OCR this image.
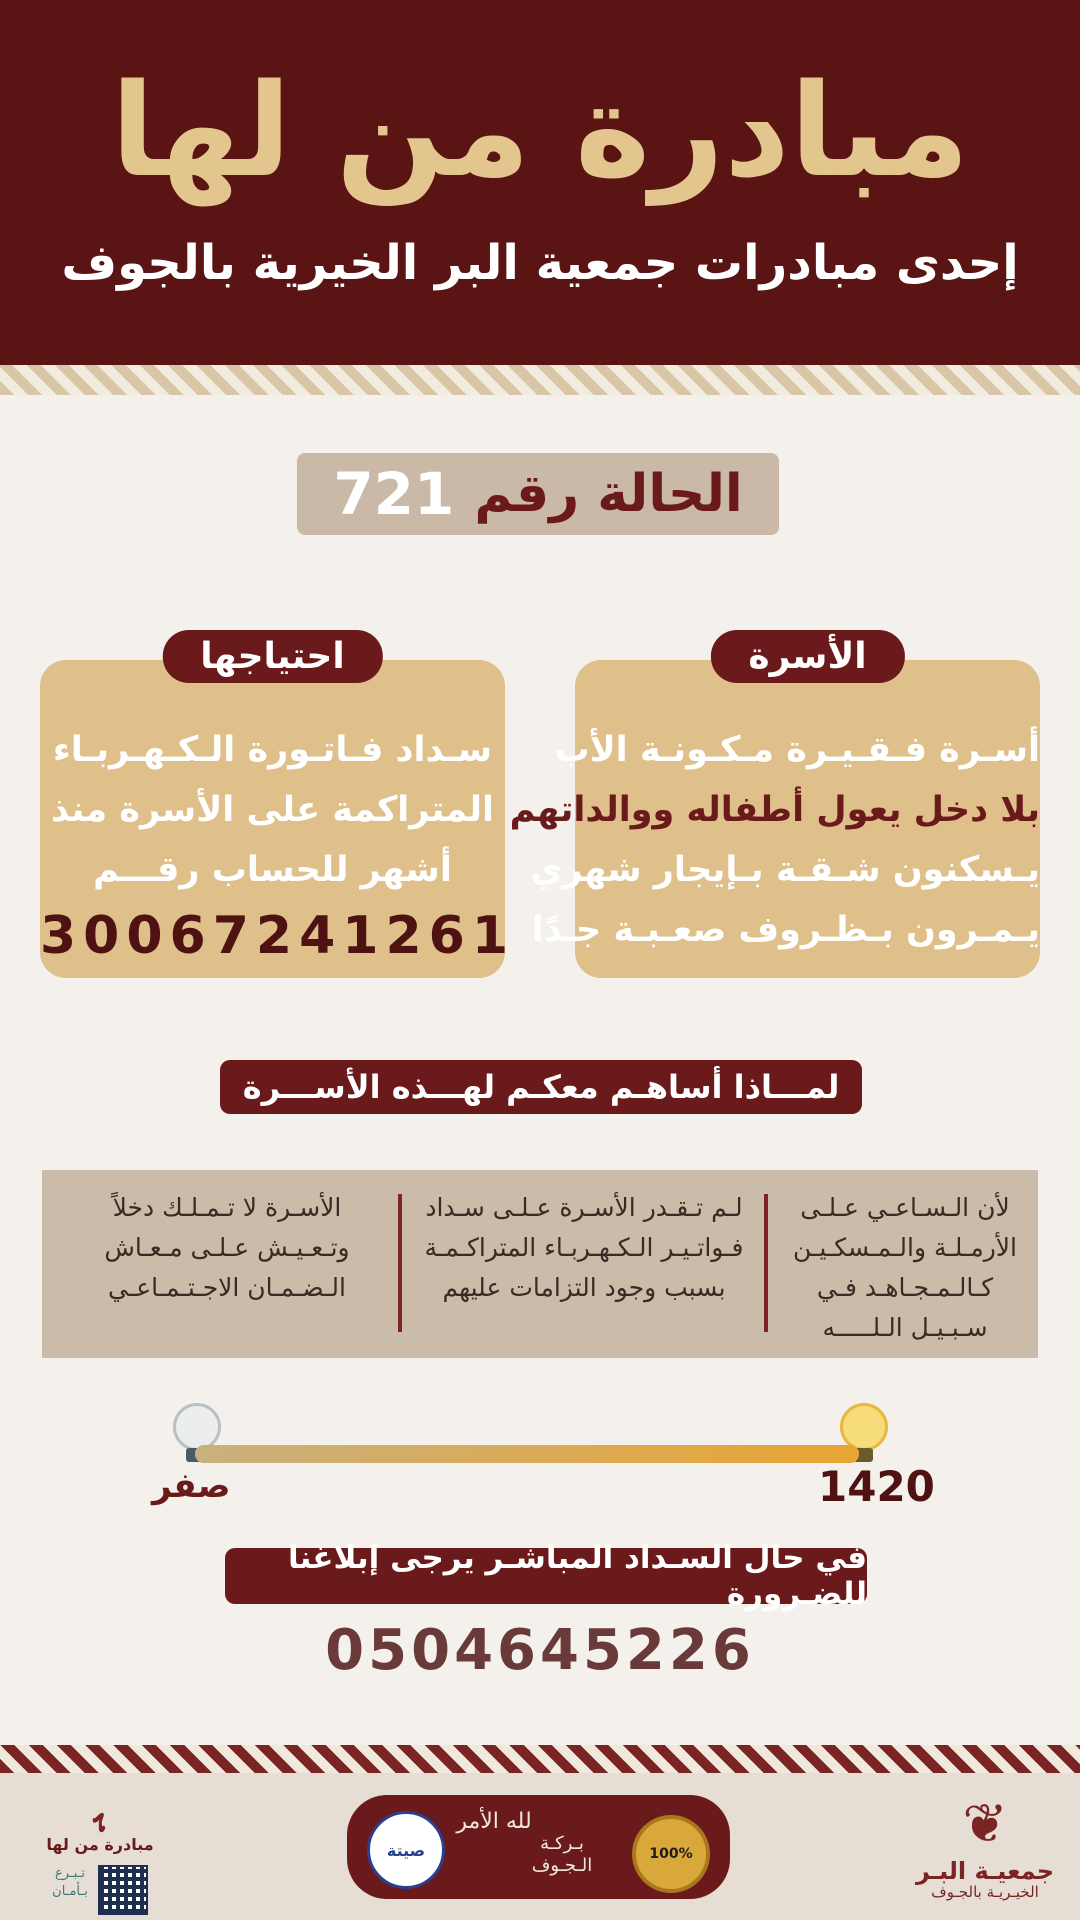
مبادرة من لها
إحدى مبادرات جمعية البر الخيرية بالجوف
الحالة رقم
721
الأسرة
أسـرة فـقـيـرة مـكـونـة الأب
بلا دخل يعول أطفاله ووالداتهم
يـسكنون شـقـة بـإيجار شهري
يـمـرون بـظـروف صعـبـة جـدًا
احتياجها
سـداد فـاتـورة الـكـهـربـاء
المتراكمة على الأسرة منذ
أشهر للحساب رقـــم
30067241261
لمـــاذا أساهـم معكـم لهـــذه الأســـرة
لأن الـسـاعـي عـلـى
الأرمـلـة والـمـسكـيـن
كـالـمـجـاهـد فـي
سـبـيـل الـلـــــه
لـم تـقـدر الأسـرة عـلـى سـداد
فـواتـيـر الـكـهـربـاء المتراكـمـة
بسبب وجود التزامات عليهم
الأسـرة لا تـمـلـك دخلاً
وتـعـيـش عـلـى مـعـاش
الـضـمـان الاجـتـمـاعـي
1420
صفر
في حال السـداد المباشـر يرجى إبلاغنا للضـرورة
0504645226
❦
جمعيـة البـر
الخيـريـة بالجـوف
100%
بـركـة الـجـوف
لله الأمر
صيتة
ﮨ
مبادرة من لها
تـبـرع
بـأمـان
